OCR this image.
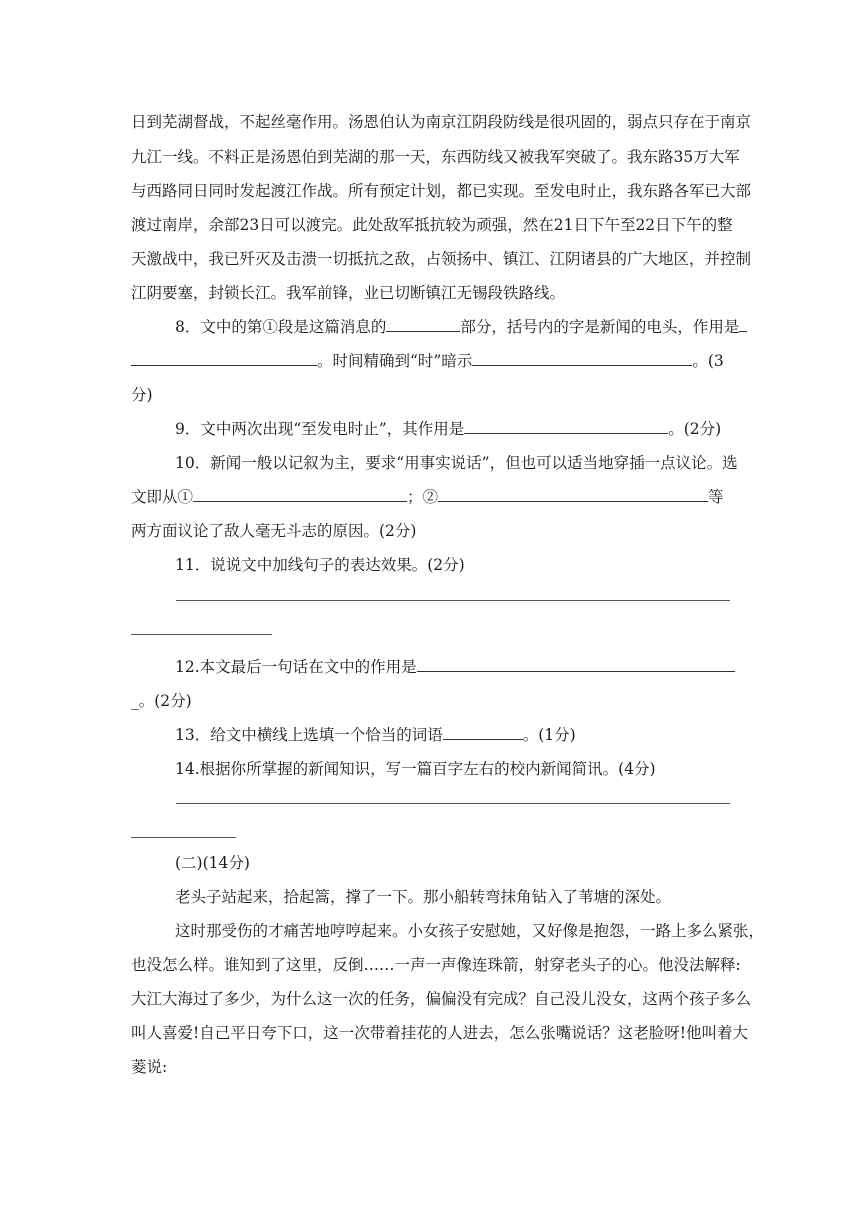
日到芜湖督战，不起丝毫作用。汤恩伯认为南京江阴段防线是很巩固的，弱点只存在于南京
九江一线。不料正是汤恩伯到芜湖的那一天，东西防线又被我军突破了。我东路35万大军
与西路同日同时发起渡江作战。所有预定计划，都已实现。至发电时止，我东路各军已大部
渡过南岸，余部23日可以渡完。此处敌军抵抗较为顽强，然在21日下午至22日下午的整
天激战中，我已歼灭及击溃一切抵抗之敌，占领扬中、镇江、江阴诸县的广大地区，并控制
江阴要塞，封锁长江。我军前锋，业已切断镇江无锡段铁路线。
8．文中的第①段是这篇消息的	部分，括号内的字是新闻的电头，作用是
。时间精确到“时”暗示	。(3
分)
9．文中两次出现“至发电时止”，其作用是	。(2分)
10．新闻一般以记叙为主，要求“用事实说话”，但也可以适当地穿插一点议论。选
文即从①	；②	等
两方面议论了敌人毫无斗志的原因。(2分)
11．说说文中加线句子的表达效果。(2分)
12.本文最后一句话在文中的作用是
_。(2分)
13．给文中横线上选填一个恰当的词语	。(1分)
14.根据你所掌握的新闻知识，写一篇百字左右的校内新闻简讯。(4分)
(二)(14分)
老头子站起来，拾起篙，撑了一下。那小船转弯抹角钻入了苇塘的深处。
这时那受伤的才痛苦地哼哼起来。小女孩子安慰她，又好像是抱怨，一路上多么紧张，
也没怎么样。谁知到了这里，反倒……一声一声像连珠箭，射穿老头子的心。他没法解释:
大江大海过了多少，为什么这一次的任务，偏偏没有完成？自己没儿没女，这两个孩子多么
叫人喜爱!自己平日夸下口，这一次带着挂花的人进去，怎么张嘴说话？这老脸呀!他叫着大
菱说:
